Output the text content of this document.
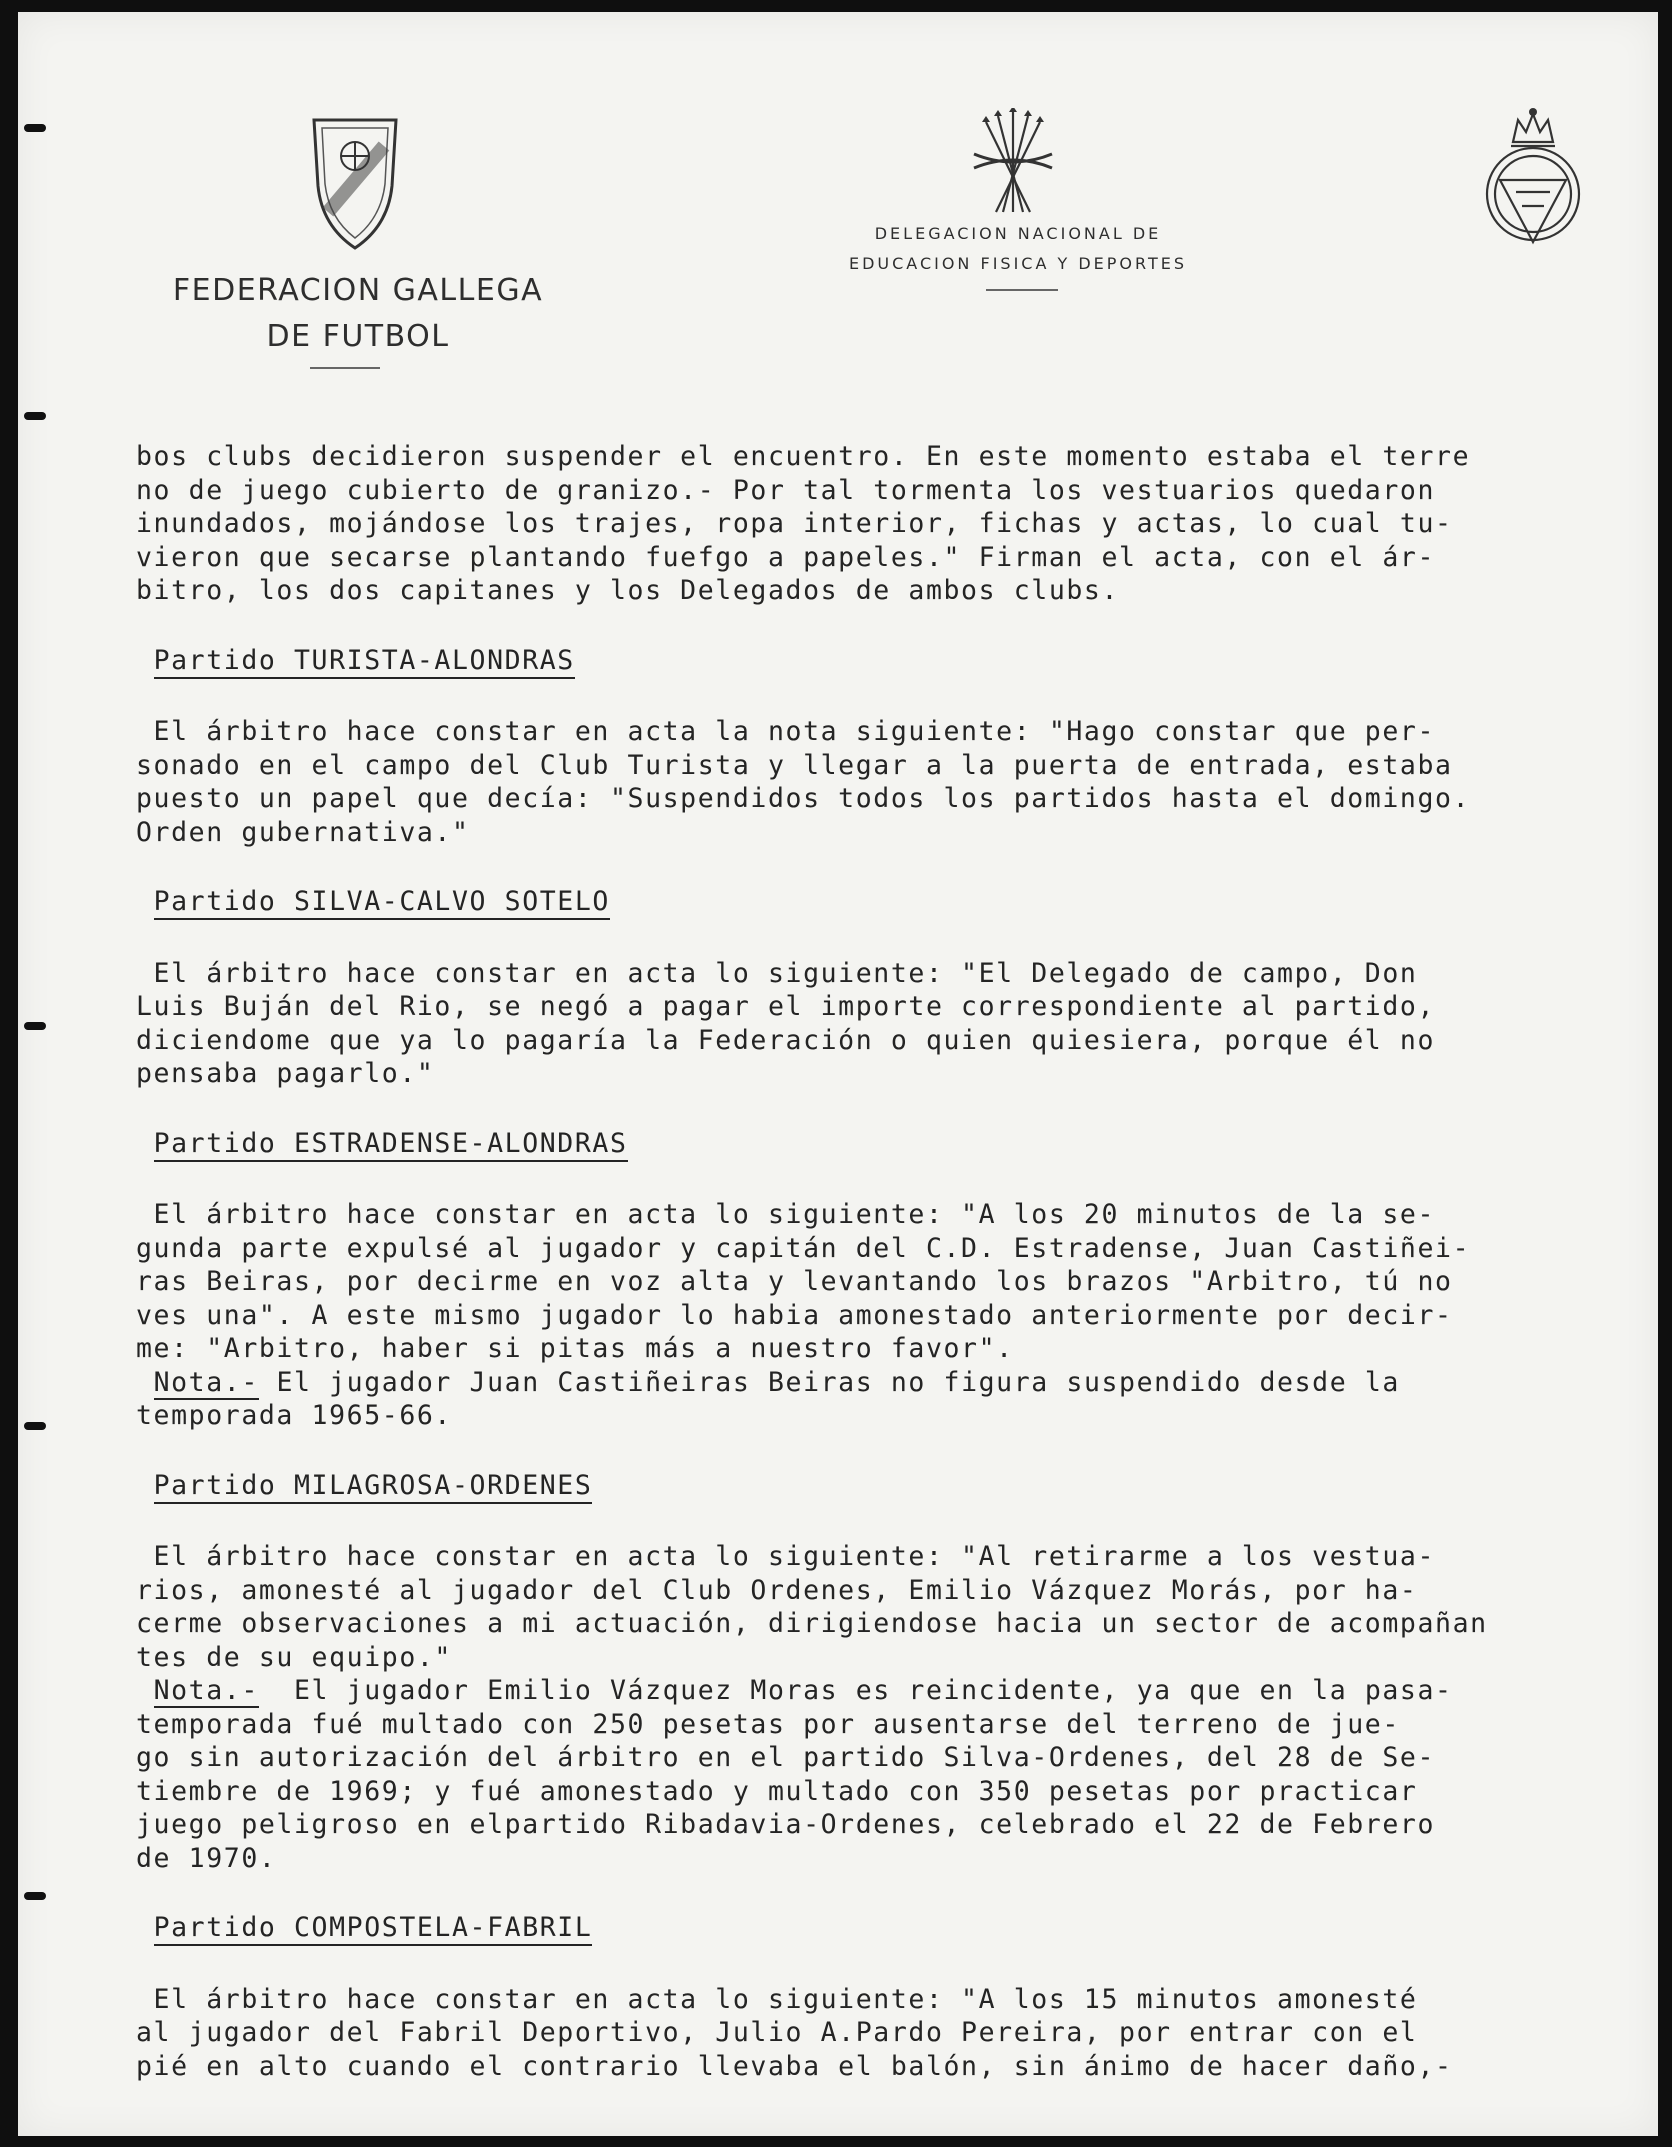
FEDERACION GALLEGA
DE FUTBOL

DELEGACION NACIONAL DE
EDUCACION FISICA Y DEPORTES

bos clubs decidieron suspender el encuentro. En este momento estaba el terre

no de juego cubierto de granizo.- Por tal tormenta los vestuarios quedaron

inundados, mojándose los trajes, ropa interior, fichas y actas, lo cual tu-

vieron que secarse plantando fuefgo a papeles." Firman el acta, con el ár-

bitro, los dos capitanes y los Delegados de ambos clubs.

Partido TURISTA-ALONDRAS

El árbitro hace constar en acta la nota siguiente: "Hago constar que per-

sonado en el campo del Club Turista y llegar a la puerta de entrada, estaba

puesto un papel que decía: "Suspendidos todos los partidos hasta el domingo.

Orden gubernativa."

Partido SILVA-CALVO SOTELO

El árbitro hace constar en acta lo siguiente: "El Delegado de campo, Don

Luis Buján del Rio, se negó a pagar el importe correspondiente al partido,

diciendome que ya lo pagaría la Federación o quien quiesiera, porque él no

pensaba pagarlo."

Partido ESTRADENSE-ALONDRAS

El árbitro hace constar en acta lo siguiente: "A los 20 minutos de la se-

gunda parte expulsé al jugador y capitán del C.D. Estradense, Juan Castiñei-

ras Beiras, por decirme en voz alta y levantando los brazos "Arbitro, tú no

ves una". A este mismo jugador lo habia amonestado anteriormente por decir-

me: "Arbitro, haber si pitas más a nuestro favor".

Nota.- El jugador Juan Castiñeiras Beiras no figura suspendido desde la

temporada 1965-66.

Partido MILAGROSA-ORDENES

El árbitro hace constar en acta lo siguiente: "Al retirarme a los vestua-

rios, amonesté al jugador del Club Ordenes, Emilio Vázquez Morás, por ha-

cerme observaciones a mi actuación, dirigiendose hacia un sector de acompañan

tes de su equipo."

Nota.-  El jugador Emilio Vázquez Moras es reincidente, ya que en la pasa-

temporada fué multado con 250 pesetas por ausentarse del terreno de jue-

go sin autorización del árbitro en el partido Silva-Ordenes, del 28 de Se-

tiembre de 1969; y fué amonestado y multado con 350 pesetas por practicar

juego peligroso en elpartido Ribadavia-Ordenes, celebrado el 22 de Febrero

de 1970.

Partido COMPOSTELA-FABRIL

El árbitro hace constar en acta lo siguiente: "A los 15 minutos amonesté

al jugador del Fabril Deportivo, Julio A.Pardo Pereira, por entrar con el

pié en alto cuando el contrario llevaba el balón, sin ánimo de hacer daño,-
